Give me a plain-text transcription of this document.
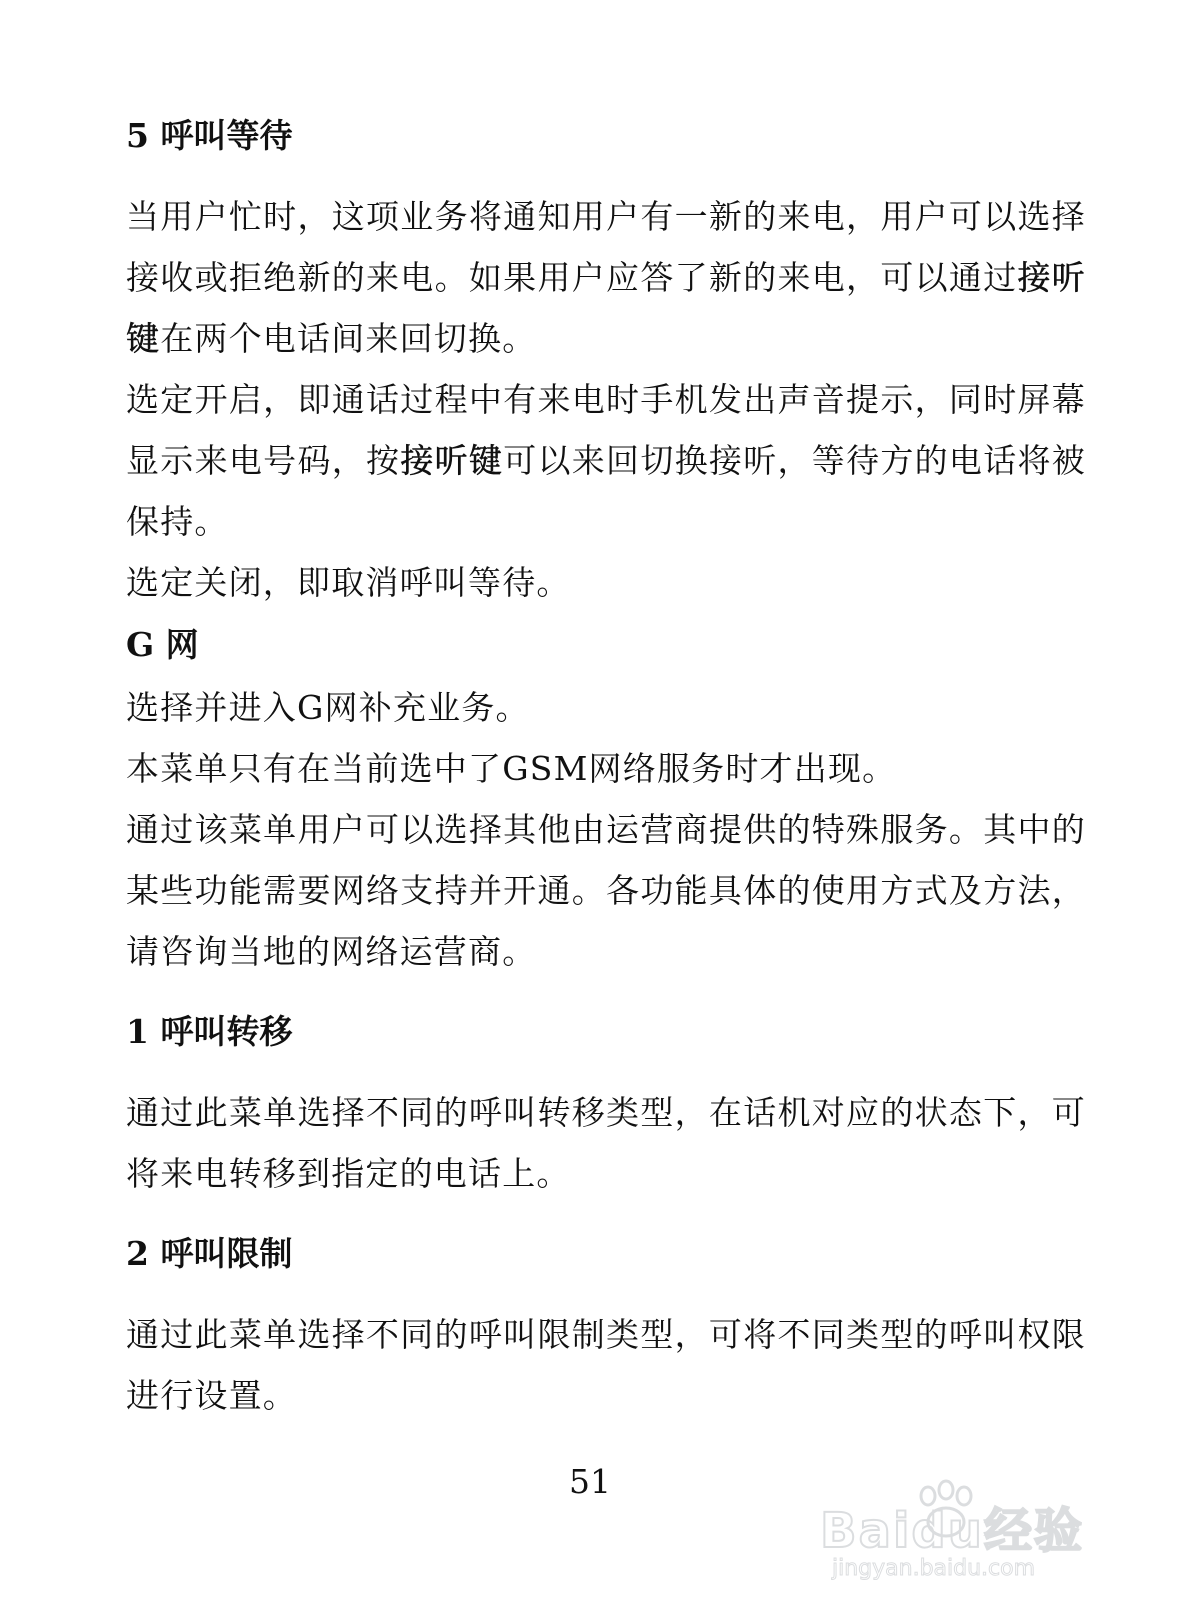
5 呼叫等待

当用户忙时，这项业务将通知用户有一新的来电，用户可以选择接收或拒绝新的来电。如果用户应答了新的来电，可以通过接听键在两个电话间来回切换。

选定开启，即通话过程中有来电时手机发出声音提示，同时屏幕显示来电号码，按接听键可以来回切换接听，等待方的电话将被保持。

选定关闭，即取消呼叫等待。

G 网

选择并进入G网补充业务。

本菜单只有在当前选中了GSM网络服务时才出现。

通过该菜单用户可以选择其他由运营商提供的特殊服务。其中的某些功能需要网络支持并开通。各功能具体的使用方式及方法，请咨询当地的网络运营商。

1 呼叫转移

通过此菜单选择不同的呼叫转移类型，在话机对应的状态下，可将来电转移到指定的电话上。

2 呼叫限制

通过此菜单选择不同的呼叫限制类型，可将不同类型的呼叫权限进行设置。

51
Baidu经验
jingyan.baidu.com
